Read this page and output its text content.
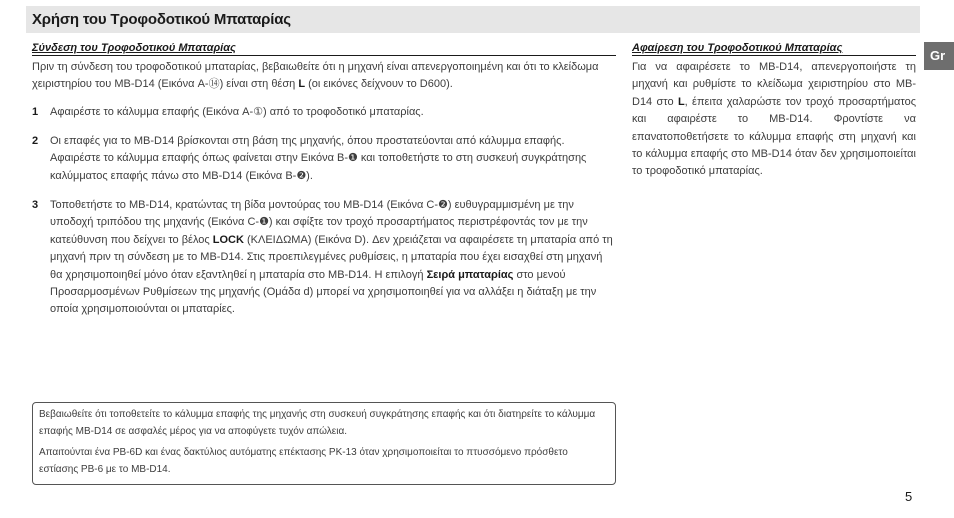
Χρήση του Τροφοδοτικού Μπαταρίας
Gr
Σύνδεση του Τροφοδοτικού Μπαταρίας
Πριν τη σύνδεση του τροφοδοτικού μπαταρίας, βεβαιωθείτε ότι η μηχανή είναι απενεργοποιημένη και ότι το κλείδωμα χειριστηρίου του MB-D14 (Εικόνα A-⑭) είναι στη θέση L (οι εικόνες δείχνουν το D600).
1 Αφαιρέστε το κάλυμμα επαφής (Εικόνα A-①) από το τροφοδοτικό μπαταρίας.
2 Οι επαφές για το MB-D14 βρίσκονται στη βάση της μηχανής, όπου προστατεύονται από κάλυμμα επαφής. Αφαιρέστε το κάλυμμα επαφής όπως φαίνεται στην Εικόνα B-❶ και τοποθετήστε το στη συσκευή συγκράτησης καλύμματος επαφής πάνω στο MB-D14 (Εικόνα B-❷).
3 Τοποθετήστε το MB-D14, κρατώντας τη βίδα μοντούρας του MB-D14 (Εικόνα C-❷) ευθυγραμμισμένη με την υποδοχή τριπόδου της μηχανής (Εικόνα C-❶) και σφίξτε τον τροχό προσαρτήματος περιστρέφοντάς τον με την κατεύθυνση που δείχνει το βέλος LOCK (ΚΛΕΙΔΩΜΑ) (Εικόνα D). Δεν χρειάζεται να αφαιρέσετε τη μπαταρία από τη μηχανή πριν τη σύνδεση με το MB-D14. Στις προεπιλεγμένες ρυθμίσεις, η μπαταρία που έχει εισαχθεί στη μηχανή θα χρησιμοποιηθεί μόνο όταν εξαντληθεί η μπαταρία στο MB-D14. Η επιλογή Σειρά μπαταρίας στο μενού Προσαρμοσμένων Ρυθμίσεων της μηχανής (Ομάδα d) μπορεί να χρησιμοποιηθεί για να αλλάξει η διάταξη με την οποία χρησιμοποιούνται οι μπαταρίες.
Αφαίρεση του Τροφοδοτικού Μπαταρίας
Για να αφαιρέσετε το MB-D14, απενεργοποιήστε τη μηχανή και ρυθμίστε το κλείδωμα χειριστηρίου στο MB-D14 στο L, έπειτα χαλαρώστε τον τροχό προσαρτήματος και αφαιρέστε το MB-D14. Φροντίστε να επανατοποθετήσετε το κάλυμμα επαφής στη μηχανή και το κάλυμμα επαφής στο MB-D14 όταν δεν χρησιμοποιείται το τροφοδοτικό μπαταρίας.

Βεβαιωθείτε ότι τοποθετείτε το κάλυμμα επαφής της μηχανής στη συσκευή συγκράτησης επαφής και ότι διατηρείτε το κάλυμμα επαφής MB-D14 σε ασφαλές μέρος για να αποφύγετε τυχόν απώλεια.

Απαιτούνται ένα PB-6D και ένας δακτύλιος αυτόματης επέκτασης PK-13 όταν χρησιμοποιείται το πτυσσόμενο πρόσθετο εστίασης PB-6 με το MB-D14.

5
